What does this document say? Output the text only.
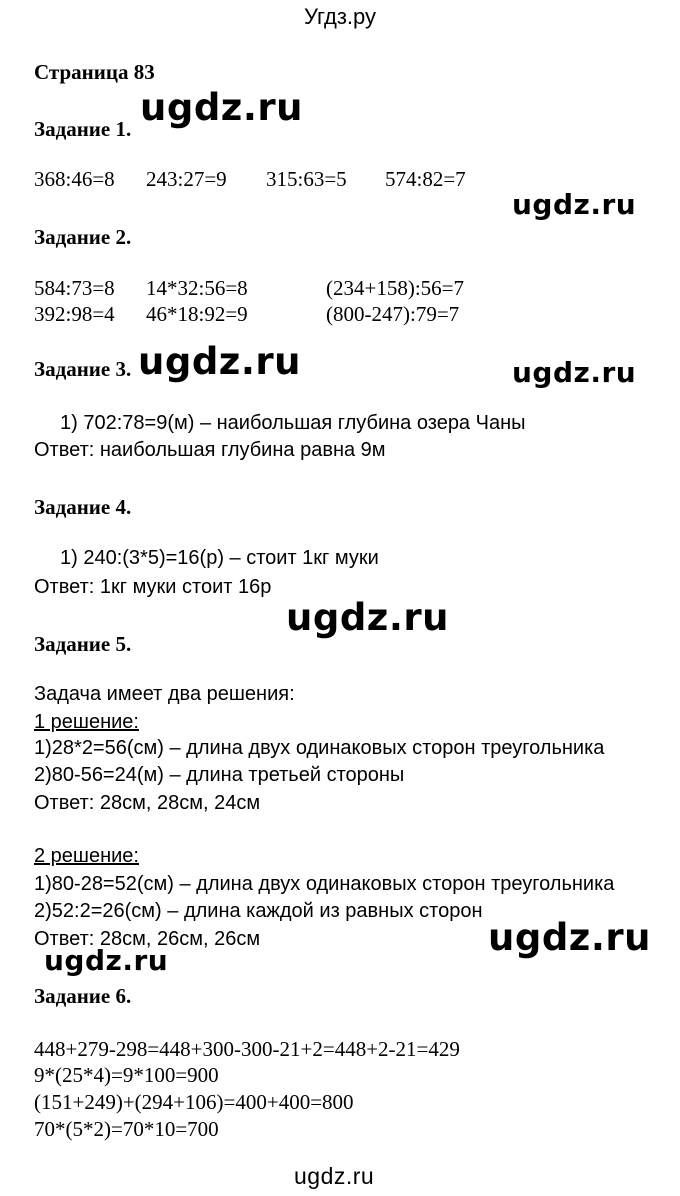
Угдз.ру
Страница 83
Задание 1.
368:46=8 243:27=9 315:63=5 574:82=7
Задание 2.
584:73=8 14*32:56=8	(234+158):56=7
392:98=4 46*18:92=9	(800-247):79=7
Задание 3.
1) 702:78=9(м) – наибольшая глубина озера Чаны
Ответ: наибольшая глубина равна 9м
Задание 4.
1) 240:(3*5)=16(р) – стоит 1кг муки
Ответ: 1кг муки стоит 16р
Задание 5.
Задача имеет два решения:
1 решение:
1)28*2=56(см) – длина двух одинаковых сторон треугольника
2)80-56=24(м) – длина третьей стороны
Ответ: 28см, 28см, 24см
2 решение:
1)80-28=52(см) – длина двух одинаковых сторон треугольника
2)52:2=26(см) – длина каждой из равных сторон
Ответ: 28см, 26см, 26см
Задание 6.
448+279-298=448+300-300-21+2=448+2-21=429
9*(25*4)=9*100=900
(151+249)+(294+106)=400+400=800
70*(5*2)=70*10=700
ugdz.ru
ugdz.ru
ugdz.ru	ugdz.ru
ugdz.ru
ugdz.ru
ugdz.ru
ugdz.ru
